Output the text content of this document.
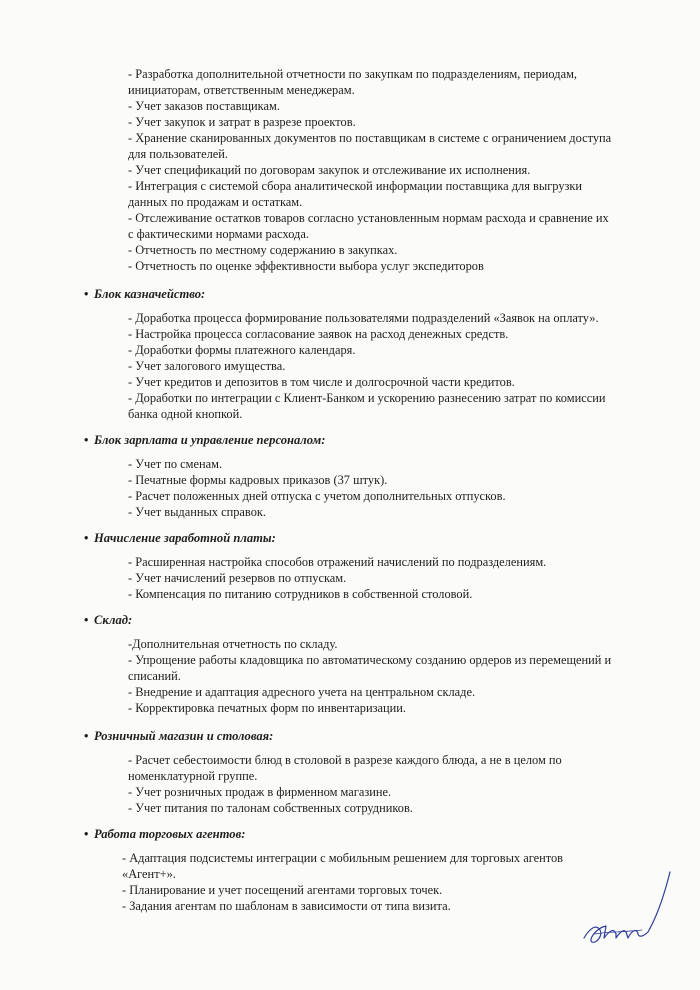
- Разработка дополнительной отчетности по закупкам по подразделениям, периодам,
инициаторам, ответственным менеджерам.
- Учет заказов поставщикам.
- Учет закупок и затрат в разрезе проектов.
- Хранение сканированных документов по поставщикам в системе с ограничением доступа
для пользователей.
- Учет спецификаций по договорам закупок и отслеживание их исполнения.
- Интеграция с системой сбора аналитической информации поставщика для выгрузки
данных по продажам и остаткам.
- Отслеживание остатков товаров согласно установленным нормам расхода и сравнение их
с фактическими нормами расхода.
- Отчетность по местному содержанию в закупках.
- Отчетность по оценке эффективности выбора услуг экспедиторов
• Блок казначейство:
- Доработка процесса формирование пользователями подразделений «Заявок на оплату».
- Настройка процесса согласование заявок на расход денежных средств.
- Доработки формы платежного календаря.
- Учет залогового имущества.
- Учет кредитов и депозитов в том числе и долгосрочной части кредитов.
- Доработки по интеграции с Клиент-Банком и ускорению разнесению затрат по комиссии
банка одной кнопкой.
• Блок зарплата и управление персоналом:
- Учет по сменам.
- Печатные формы кадровых приказов (37 штук).
- Расчет положенных дней отпуска с учетом дополнительных отпусков.
- Учет выданных справок.
• Начисление заработной платы:
- Расширенная настройка способов отражений начислений по подразделениям.
- Учет начислений резервов по отпускам.
- Компенсация по питанию сотрудников в собственной столовой.
• Склад:
-Дополнительная отчетность по складу.
- Упрощение работы кладовщика по автоматическому созданию ордеров из перемещений и
списаний.
- Внедрение и адаптация адресного учета на центральном складе.
- Корректировка печатных форм по инвентаризации.
• Розничный магазин и столовая:
- Расчет себестоимости блюд в столовой в разрезе каждого блюда, а не в целом по
номенклатурной группе.
- Учет розничных продаж в фирменном магазине.
- Учет питания по талонам собственных сотрудников.
• Работа торговых агентов:
- Адаптация подсистемы интеграции с мобильным решением для торговых агентов
«Агент+».
- Планирование и учет посещений агентами торговых точек.
- Задания агентам по шаблонам в зависимости от типа визита.
